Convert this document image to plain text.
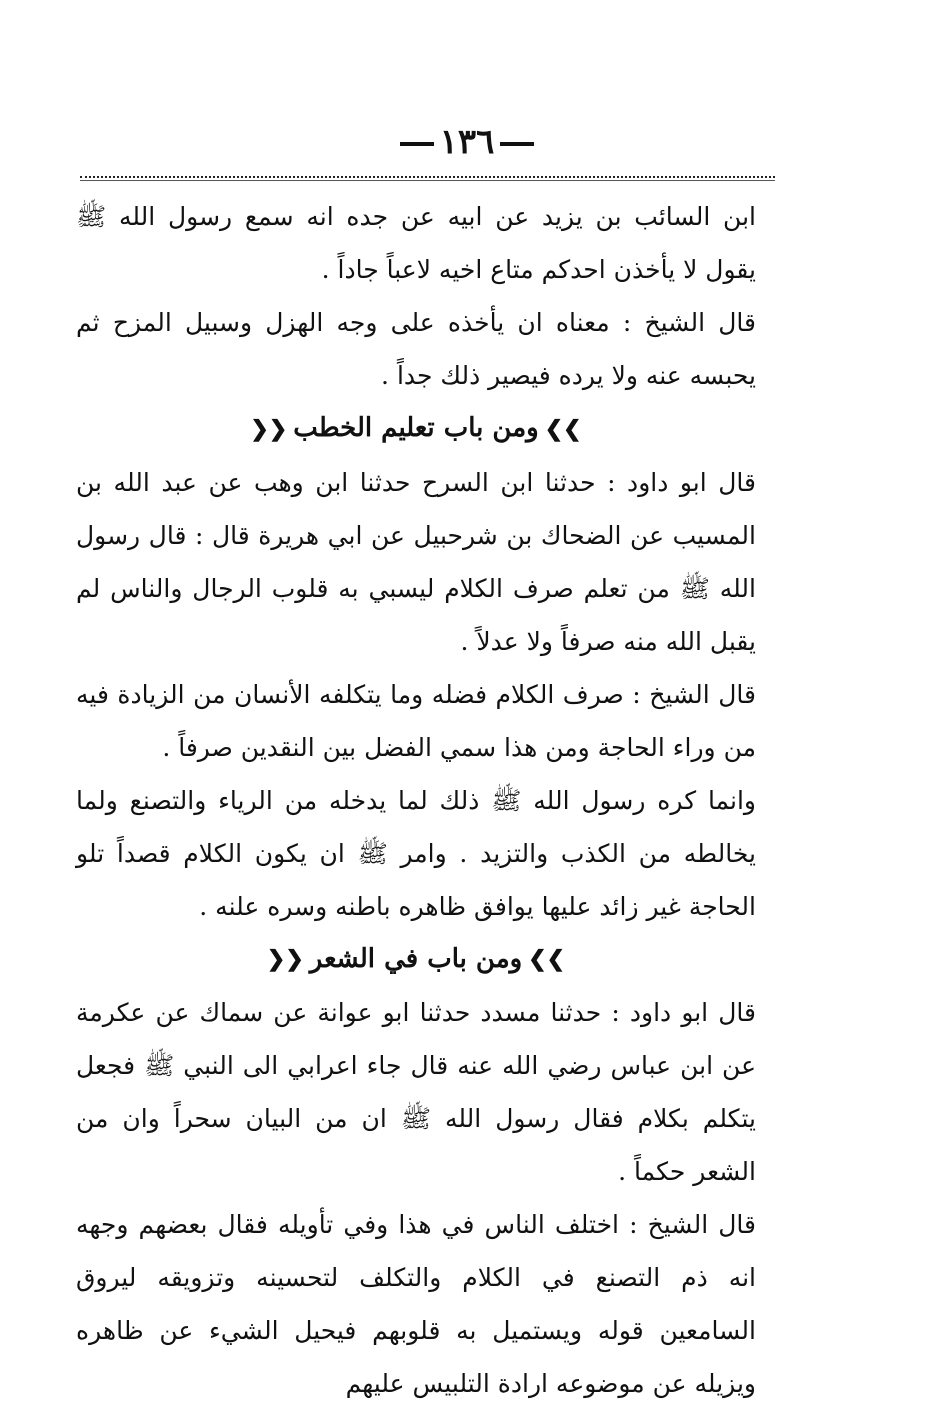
١٣٦

ابن السائب بن يزيد عن ابيه عن جده انه سمع رسول الله ﷺ يقول لا يأخذن احدكم متاع اخيه لاعباً جاداً .

قال الشيخ : معناه ان يأخذه على وجه الهزل وسبيل المزح ثم يحبسه عنه ولا يرده فيصير ذلك جداً .

❯❯ومن باب تعليم الخطب❮❮

قال ابو داود : حدثنا ابن السرح حدثنا ابن وهب عن عبد الله بن المسيب عن الضحاك بن شرحبيل عن ابي هريرة قال : قال رسول الله ﷺ من تعلم صرف الكلام ليسبي به قلوب الرجال والناس لم يقبل الله منه صرفاً ولا عدلاً .

قال الشيخ : صرف الكلام فضله وما يتكلفه الأنسان من الزيادة فيه من وراء الحاجة ومن هذا سمي الفضل بين النقدين صرفاً .

وانما كره رسول الله ﷺ ذلك لما يدخله من الرياء والتصنع ولما يخالطه من الكذب والتزيد . وامر ﷺ ان يكون الكلام قصداً تلو الحاجة غير زائد عليها يوافق ظاهره باطنه وسره علنه .

❯❯ومن باب في الشعر❮❮

قال ابو داود : حدثنا مسدد حدثنا ابو عوانة عن سماك عن عكرمة عن ابن عباس رضي الله عنه قال جاء اعرابي الى النبي ﷺ فجعل يتكلم بكلام فقال رسول الله ﷺ ان من البيان سحراً وان من الشعر حكماً .

قال الشيخ : اختلف الناس في هذا وفي تأويله فقال بعضهم وجهه انه ذم التصنع في الكلام والتكلف لتحسينه وتزويقه ليروق السامعين قوله ويستميل به قلوبهم فيحيل الشيء عن ظاهره ويزيله عن موضوعه ارادة التلبيس عليهم
